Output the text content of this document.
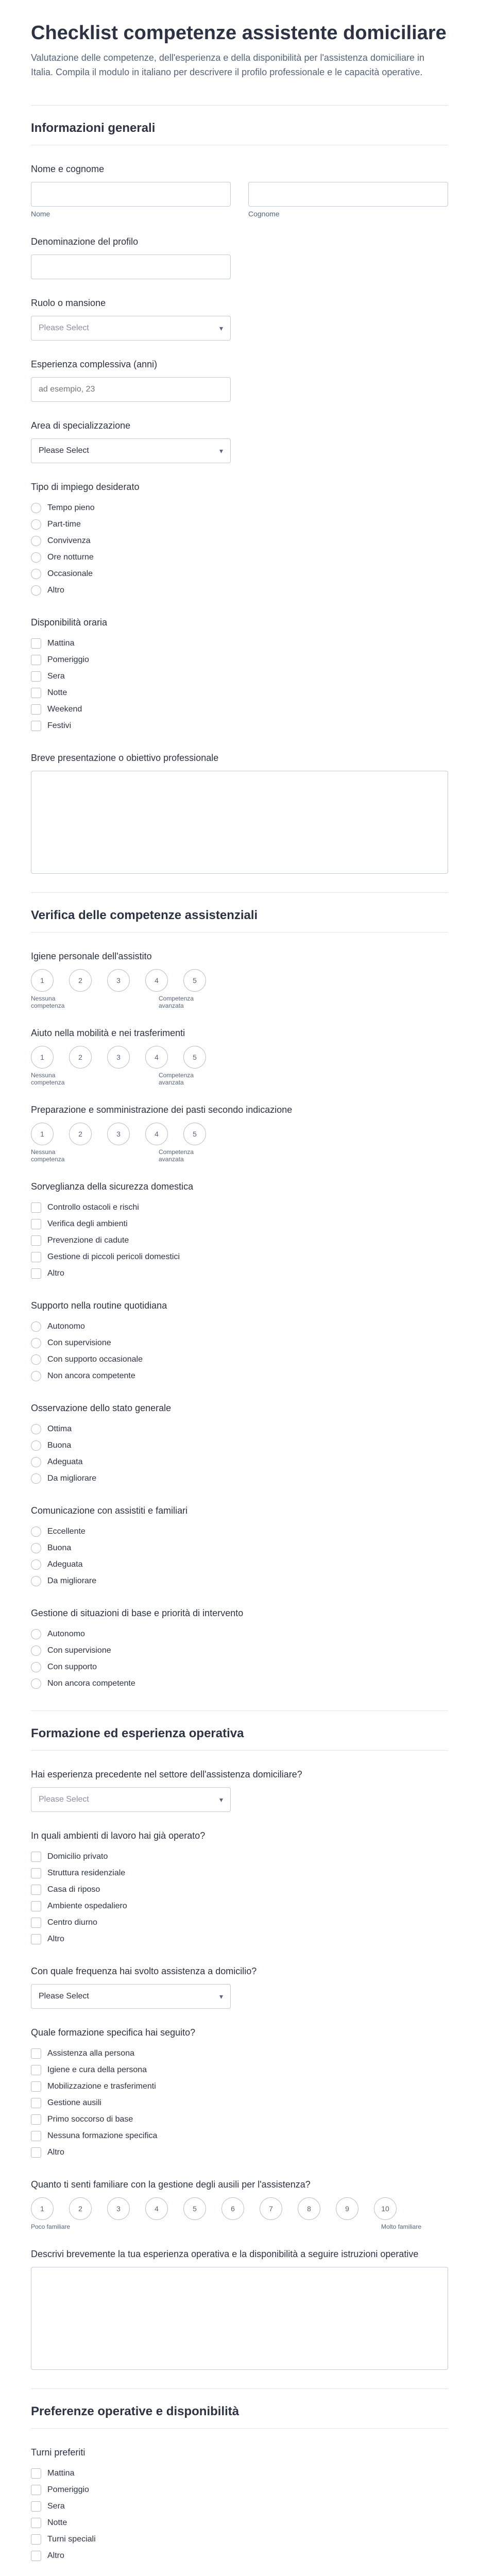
Checklist competenze assistente domiciliare

Valutazione delle competenze, dell'esperienza e della disponibilità per l'assistenza domiciliare in Italia. Compila il modulo in italiano per descrivere il profilo professionale e le capacità operative.

Informazioni generali
Nome e cognome
Nome	Cognome
Denominazione del profilo
Ruolo o mansione
Please Select	▾
Esperienza complessiva (anni)
ad esempio, 23
Area di specializzazione
Please Select	▾
Tipo di impiego desiderato
Tempo pieno
Part-time
Convivenza
Ore notturne
Occasionale
Altro
Disponibilità oraria
Mattina
Pomeriggio
Sera
Notte
Weekend
Festivi
Breve presentazione o obiettivo professionale
Verifica delle competenze assistenziali
Igiene personale dell'assistito
1	2	3	4	5
Nessuna competenza
Competenza avanzata
Aiuto nella mobilità e nei trasferimenti
1	2	3	4	5
Nessuna competenza
Competenza avanzata
Preparazione e somministrazione dei pasti secondo indicazione
1	2	3	4	5
Nessuna competenza
Competenza avanzata
Sorveglianza della sicurezza domestica
Controllo ostacoli e rischi
Verifica degli ambienti
Prevenzione di cadute
Gestione di piccoli pericoli domestici
Altro
Supporto nella routine quotidiana
Autonomo
Con supervisione
Con supporto occasionale
Non ancora competente
Osservazione dello stato generale
Ottima
Buona
Adeguata
Da migliorare
Comunicazione con assistiti e familiari
Eccellente
Buona
Adeguata
Da migliorare
Gestione di situazioni di base e priorità di intervento
Autonomo
Con supervisione
Con supporto
Non ancora competente
Formazione ed esperienza operativa
Hai esperienza precedente nel settore dell'assistenza domiciliare?
Please Select	▾
In quali ambienti di lavoro hai già operato?
Domicilio privato
Struttura residenziale
Casa di riposo
Ambiente ospedaliero
Centro diurno
Altro
Con quale frequenza hai svolto assistenza a domicilio?
Please Select	▾
Quale formazione specifica hai seguito?
Assistenza alla persona
Igiene e cura della persona
Mobilizzazione e trasferimenti
Gestione ausili
Primo soccorso di base
Nessuna formazione specifica
Altro
Quanto ti senti familiare con la gestione degli ausili per l'assistenza?
1	2	3	4	5	6	7	8	9	10
Poco familiare	Molto familiare
Descrivi brevemente la tua esperienza operativa e la disponibilità a seguire istruzioni operative
Preferenze operative e disponibilità
Turni preferiti
Mattina
Pomeriggio
Sera
Notte
Turni speciali
Altro
